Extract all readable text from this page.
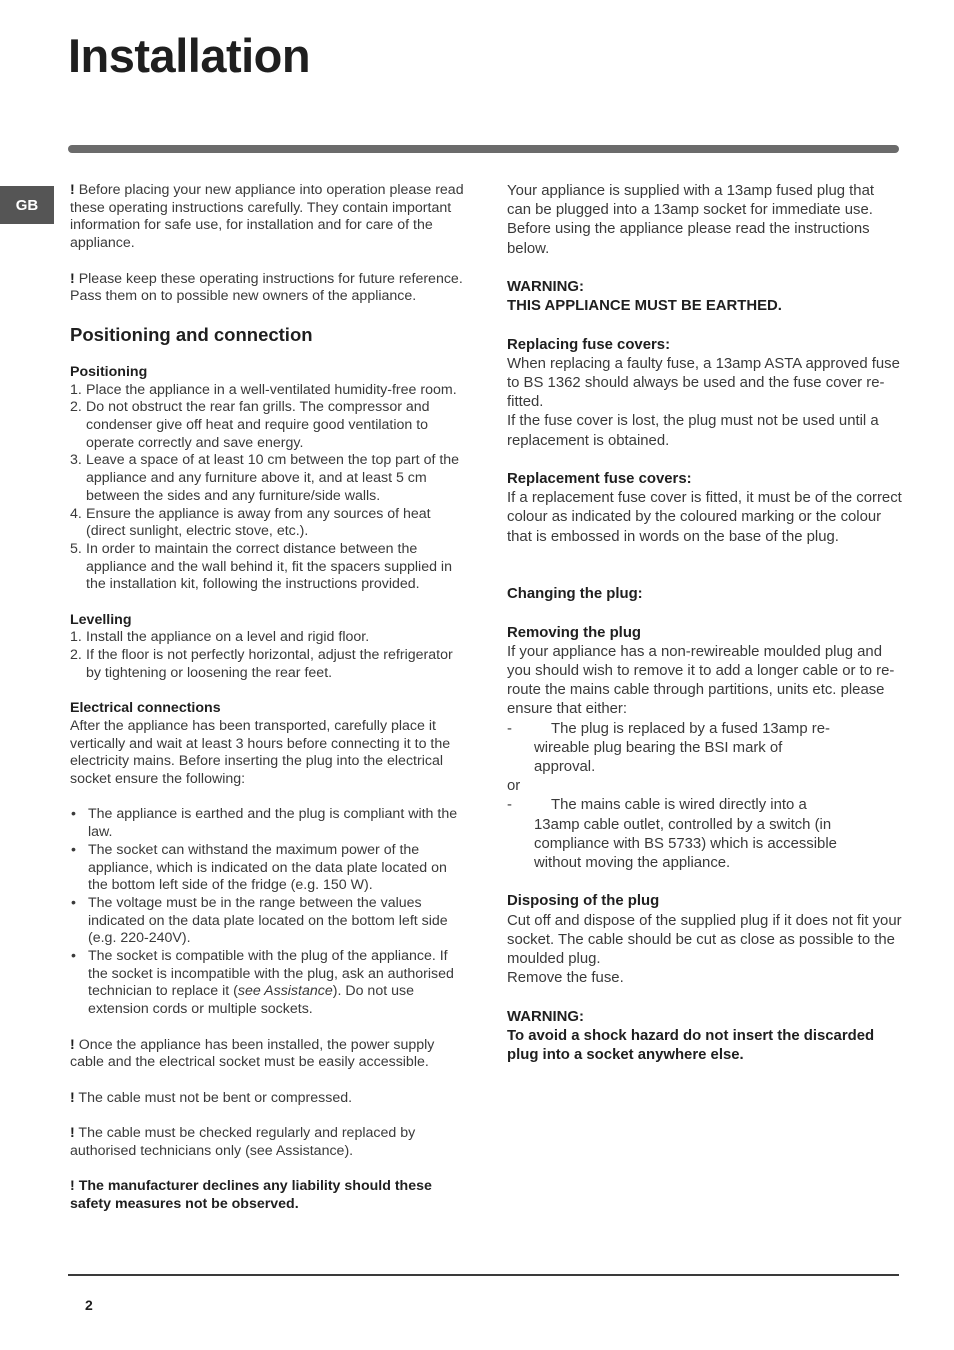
Installation
GB

! Before placing your new appliance into operation please read these operating instructions carefully. They contain important information for safe use, for installation and for care of the appliance.

! Please keep these operating instructions for future reference. Pass them on to possible new owners of the appliance.

Positioning and connection

Positioning

1. Place the appliance in a well-ventilated humidity-free room.
2. Do not obstruct the rear fan grills. The compressor and condenser give off heat and require good ventilation to operate correctly and save energy.
3. Leave a space of at least 10 cm between the top part of the appliance and any furniture above it, and at least 5 cm between the sides and any furniture/side walls.
4. Ensure the appliance is away from any sources of heat (direct sunlight, electric stove, etc.).
5. In order to maintain the correct distance between the appliance and the wall behind it, fit the spacers supplied in the installation kit, following the instructions provided.

Levelling

1. Install the appliance on a level and rigid floor.
2. If the floor is not perfectly horizontal, adjust the refrigerator by tightening or loosening the rear feet.

Electrical connections

After the appliance has been transported, carefully place it vertically and wait at least 3 hours before connecting it to the electricity mains. Before inserting the plug into the electrical socket ensure the following:

• The appliance is earthed and the plug is compliant with the law.
• The socket can withstand the maximum power of the appliance, which is indicated on the data plate located on the bottom left side of the fridge (e.g. 150 W).
• The voltage must be in the range between the values indicated on the data plate located on the bottom left side (e.g. 220-240V).
• The socket is compatible with the plug of the appliance. If the socket is incompatible with the plug, ask an authorised technician to replace it (see Assistance). Do not use extension cords or multiple sockets.

! Once the appliance has been installed, the power supply cable and the electrical socket must be easily accessible.

! The cable must not be bent or compressed.

! The cable must be checked regularly and replaced by authorised technicians only (see Assistance).

! The manufacturer declines any liability should these safety measures not be observed.

Your appliance is supplied with a 13amp fused plug that can be plugged into a 13amp socket for immediate use. Before using the appliance please read the instructions below.

WARNING:

THIS APPLIANCE MUST BE EARTHED.

Replacing fuse covers:

When replacing a faulty fuse, a 13amp ASTA approved fuse to BS 1362 should always be used and the fuse cover re-fitted.

If the fuse cover is lost, the plug must not be used until a replacement is obtained.

Replacement fuse covers:

If a replacement fuse cover is fitted, it must be of the correct colour as indicated by the coloured marking or the colour that is embossed in words on the base of the plug.

Changing the plug:

Removing the plug

If your appliance has a non-rewireable moulded plug and you should wish to remove it to add a longer cable or to re-route the mains cable through partitions, units etc. please ensure that either:

-	The plug is replaced by a fused 13amp re-wireable plug bearing the BSI mark of approval.

or

-	The mains cable is wired directly into a 13amp cable outlet, controlled by a switch (in compliance with BS 5733) which is accessible without moving the appliance.

Disposing of the plug

Cut off and dispose of the supplied plug if it does not fit your socket. The cable should be cut as close as possible to the moulded plug.

Remove the fuse.

WARNING:

To avoid a shock hazard do not insert the discarded plug into a socket anywhere else.

2
